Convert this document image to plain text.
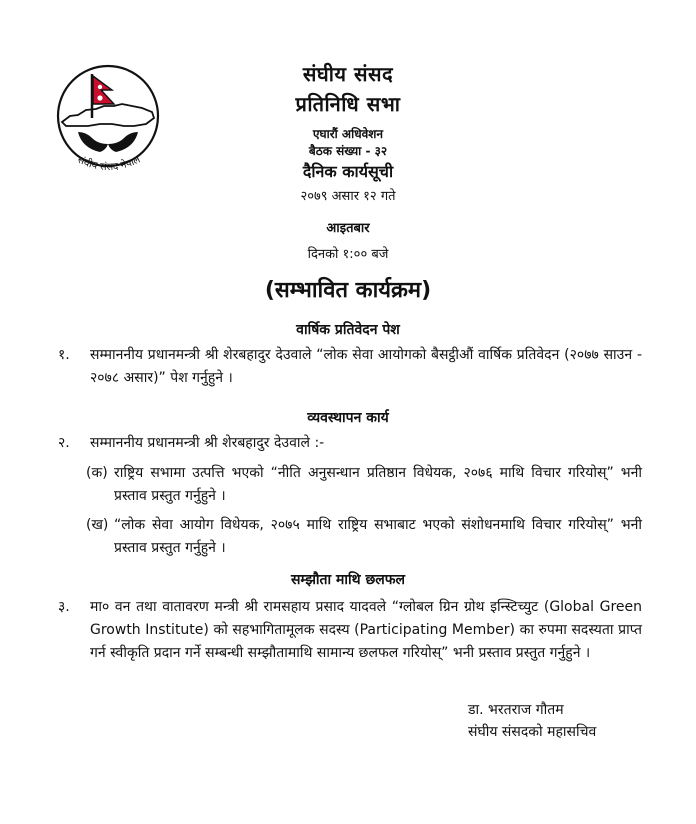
संघीय संसद नेपाल
संघीय संसद
प्रतिनिधि सभा
एघारौं अधिवेशन
बैठक संख्या - ३२
दैनिक कार्यसूची
२०७९ असार १२ गते
आइतबार
दिनको १:०० बजे
(सम्भावित कार्यक्रम)
वार्षिक प्रतिवेदन पेश
१. सम्माननीय प्रधानमन्त्री श्री शेरबहादुर देउवाले “लोक सेवा आयोगको बैसट्ठीऔं वार्षिक प्रतिवेदन (२०७७ साउन - २०७८ असार)” पेश गर्नुहुने ।
व्यवस्थापन कार्य
२. सम्माननीय प्रधानमन्त्री श्री शेरबहादुर देउवाले :-
(क) राष्ट्रिय सभामा उत्पत्ति भएको “नीति अनुसन्धान प्रतिष्ठान विधेयक, २०७६ माथि विचार गरियोस्” भनी प्रस्ताव प्रस्तुत गर्नुहुने ।
(ख) “लोक सेवा आयोग विधेयक, २०७५ माथि राष्ट्रिय सभाबाट भएको संशोधनमाथि विचार गरियोस्” भनी प्रस्ताव प्रस्तुत गर्नुहुने ।
सम्झौता माथि छलफल
३. मा० वन तथा वातावरण मन्त्री श्री रामसहाय प्रसाद यादवले “ग्लोबल ग्रिन ग्रोथ इन्स्टिच्युट (Global Green Growth Institute) को सहभागितामूलक सदस्य (Participating Member) का रुपमा सदस्यता प्राप्त गर्न स्वीकृति प्रदान गर्ने सम्बन्धी सम्झौतामाथि सामान्य छलफल गरियोस्” भनी प्रस्ताव प्रस्तुत गर्नुहुने ।
डा. भरतराज गौतम
संघीय संसदको महासचिव
